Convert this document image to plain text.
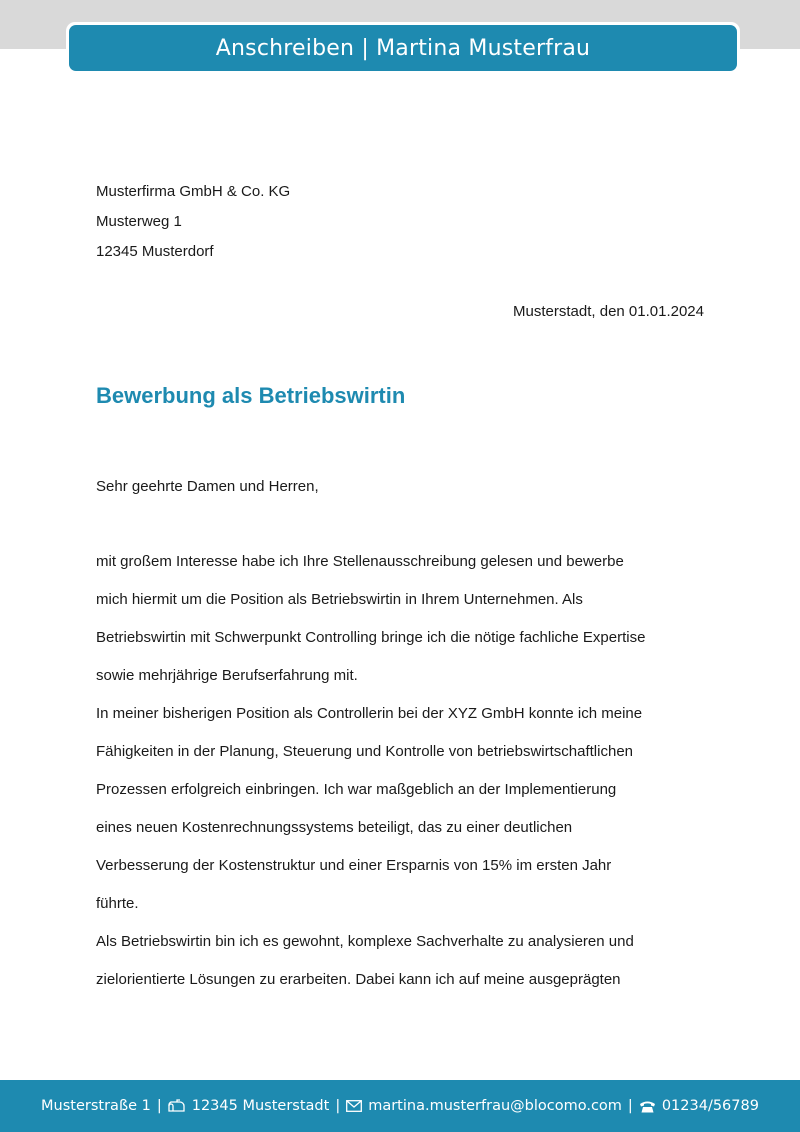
Anschreiben | Martina Musterfrau
Musterfirma GmbH & Co. KG
Musterweg 1
12345 Musterdorf
Musterstadt, den 01.01.2024
Bewerbung als Betriebswirtin
Sehr geehrte Damen und Herren,
mit großem Interesse habe ich Ihre Stellenausschreibung gelesen und bewerbe
mich hiermit um die Position als Betriebswirtin in Ihrem Unternehmen. Als
Betriebswirtin mit Schwerpunkt Controlling bringe ich die nötige fachliche Expertise
sowie mehrjährige Berufserfahrung mit.
In meiner bisherigen Position als Controllerin bei der XYZ GmbH konnte ich meine
Fähigkeiten in der Planung, Steuerung und Kontrolle von betriebswirtschaftlichen
Prozessen erfolgreich einbringen. Ich war maßgeblich an der Implementierung
eines neuen Kostenrechnungssystems beteiligt, das zu einer deutlichen
Verbesserung der Kostenstruktur und einer Ersparnis von 15% im ersten Jahr
führte.
Als Betriebswirtin bin ich es gewohnt, komplexe Sachverhalte zu analysieren und
zielorientierte Lösungen zu erarbeiten. Dabei kann ich auf meine ausgeprägten
Musterstraße 1 | 12345 Musterstadt | martina.musterfrau@blocomo.com | 01234/56789
